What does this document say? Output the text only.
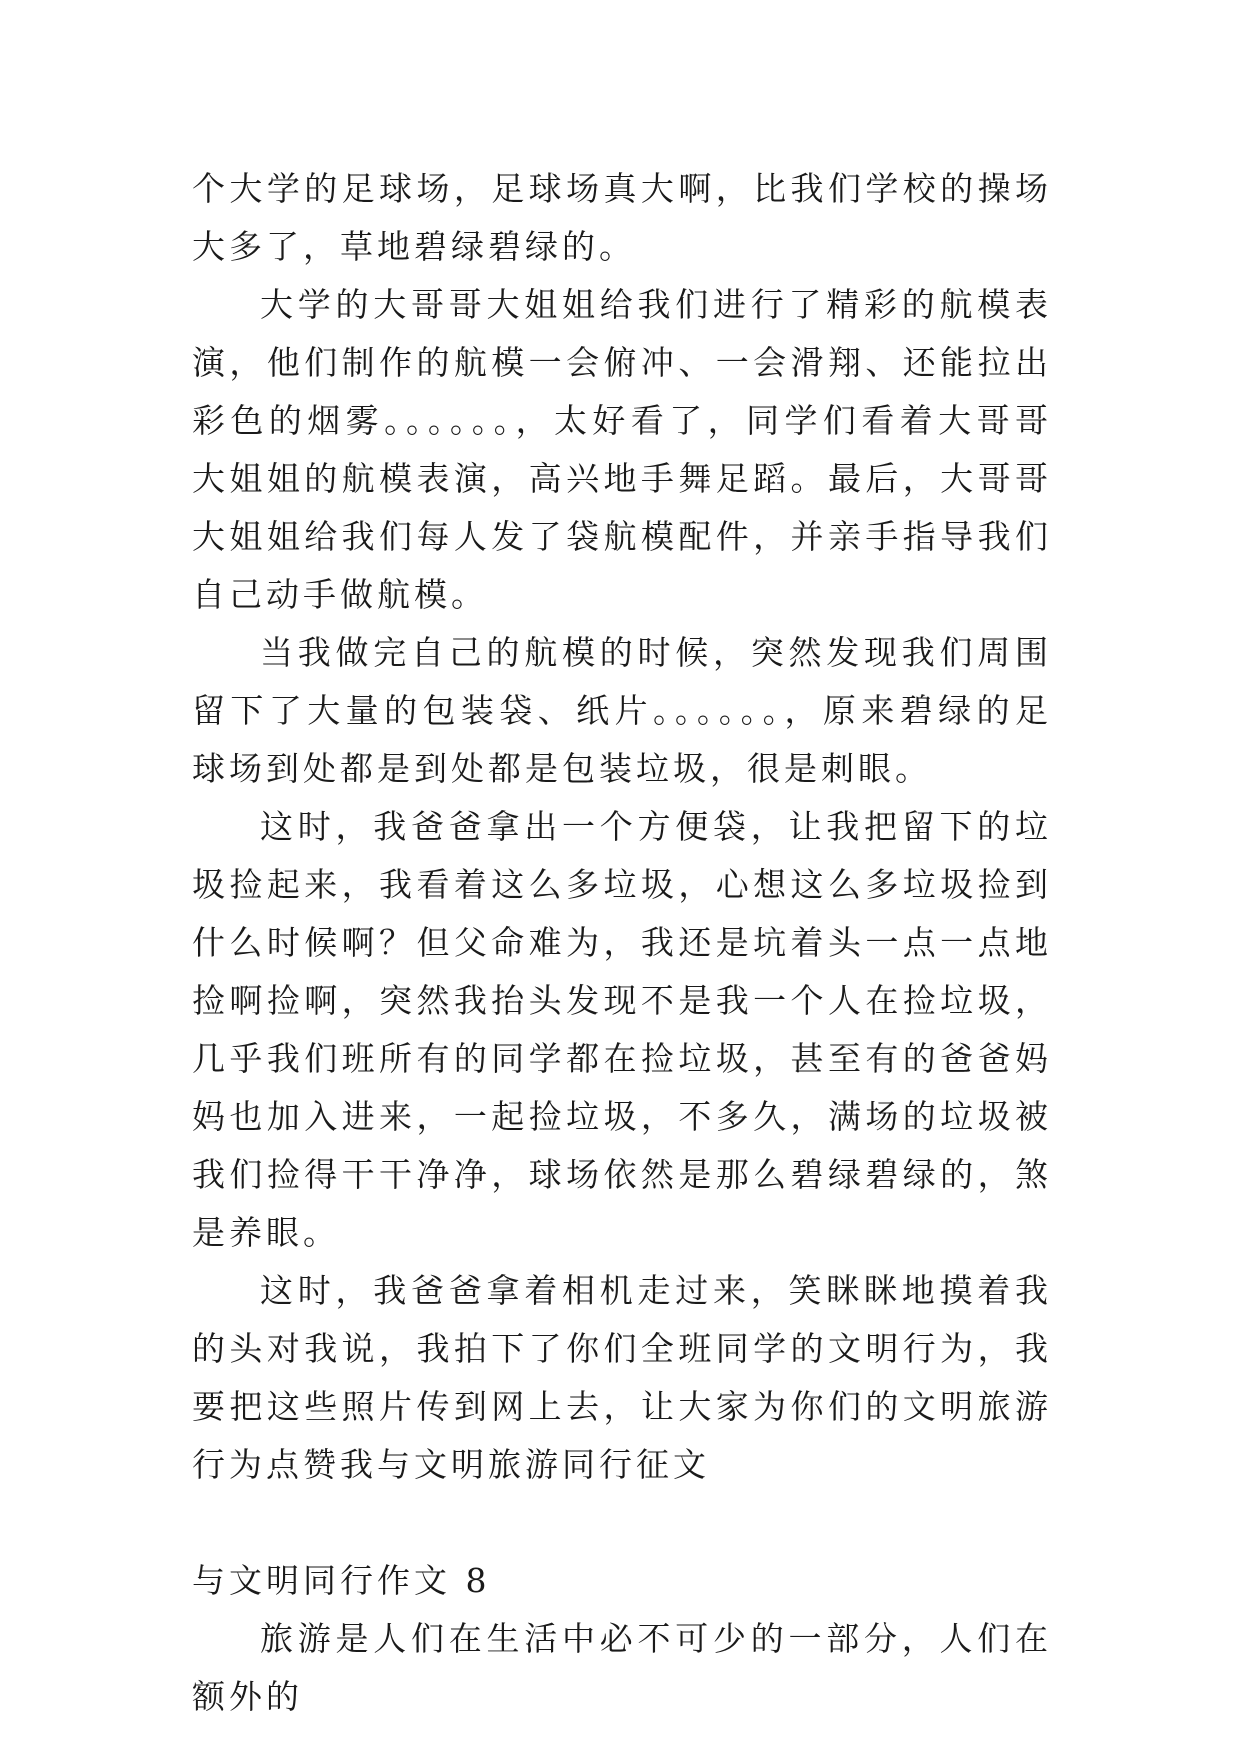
个大学的足球场，足球场真大啊，比我们学校的操场大多了，草地碧绿碧绿的。

大学的大哥哥大姐姐给我们进行了精彩的航模表演，他们制作的航模一会俯冲、一会滑翔、还能拉出彩色的烟雾。。。。。。，太好看了，同学们看着大哥哥大姐姐的航模表演，高兴地手舞足蹈。最后，大哥哥大姐姐给我们每人发了袋航模配件，并亲手指导我们自己动手做航模。

当我做完自己的航模的时候，突然发现我们周围留下了大量的包装袋、纸片。。。。。。，原来碧绿的足球场到处都是到处都是包装垃圾，很是刺眼。

这时，我爸爸拿出一个方便袋，让我把留下的垃圾捡起来，我看着这么多垃圾，心想这么多垃圾捡到什么时候啊？但父命难为，我还是坑着头一点一点地捡啊捡啊，突然我抬头发现不是我一个人在捡垃圾，几乎我们班所有的同学都在捡垃圾，甚至有的爸爸妈妈也加入进来，一起捡垃圾，不多久，满场的垃圾被我们捡得干干净净，球场依然是那么碧绿碧绿的，煞是养眼。

这时，我爸爸拿着相机走过来，笑眯眯地摸着我的头对我说，我拍下了你们全班同学的文明行为，我要把这些照片传到网上去，让大家为你们的文明旅游行为点赞我与文明旅游同行征文

与文明同行作文 8

旅游是人们在生活中必不可少的一部分，人们在额外的
